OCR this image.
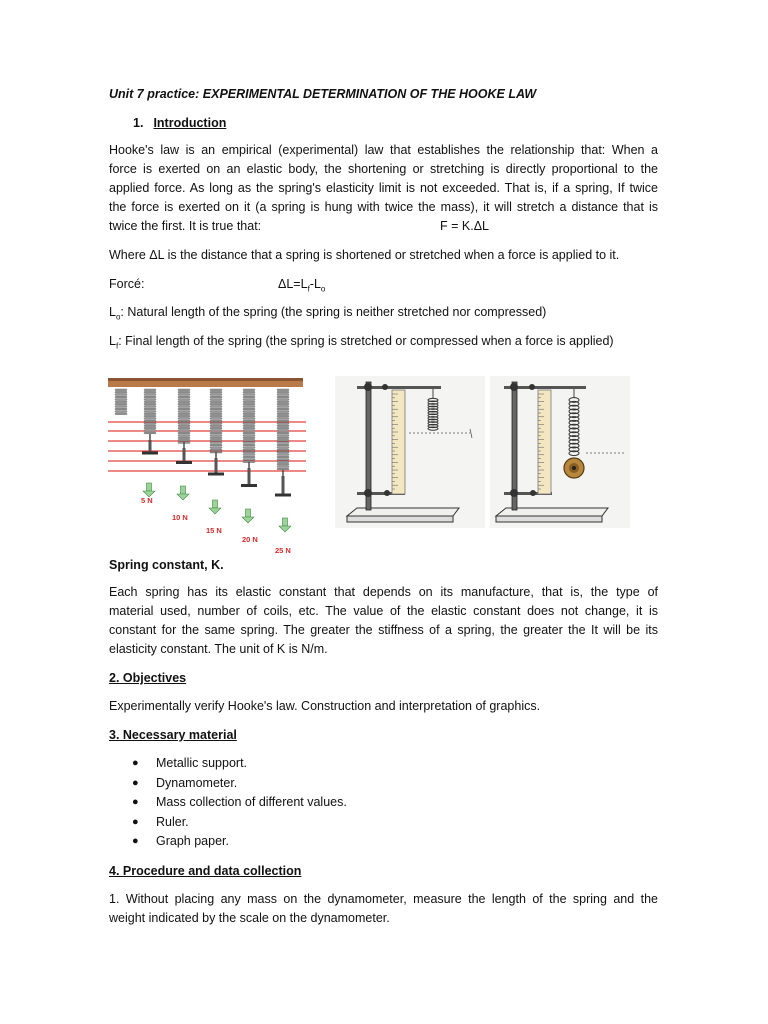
Unit 7 practice: EXPERIMENTAL DETERMINATION OF THE HOOKE LAW

1. Introduction

Hooke's law is an empirical (experimental) law that establishes the relationship that: When a
force is exerted on an elastic body, the shortening or stretching is directly proportional to the
applied force. As long as the spring's elasticity limit is not exceeded. That is, if a spring, If twice
the force is exerted on it (a spring is hung with twice the mass), it will stretch a distance that is
twice the first. It is true that:	F = K.ΔL

Where ΔL is the distance that a spring is shortened or stretched when a force is applied to it.

Forcé:	$\Delta L=L_f-L_o$

$L_o$: Natural length of the spring (the spring is neither stretched nor compressed)

$L_f$: Final length of the spring (the spring is stretched or compressed when a force is applied)

5 N
10 N
15 N
20 N
25 N

Spring constant, K.

Each spring has its elastic constant that depends on its manufacture, that is, the type of
material used, number of coils, etc. The value of the elastic constant does not change, it is
constant for the same spring. The greater the stiffness of a spring, the greater the It will be its
elasticity constant. The unit of K is N/m.

2. Objectives

Experimentally verify Hooke's law. Construction and interpretation of graphics.

3. Necessary material

● Metallic support.
● Dynamometer.
● Mass collection of different values.
● Ruler.
● Graph paper.

4. Procedure and data collection

1. Without placing any mass on the dynamometer, measure the length of the spring and the
weight indicated by the scale on the dynamometer.
